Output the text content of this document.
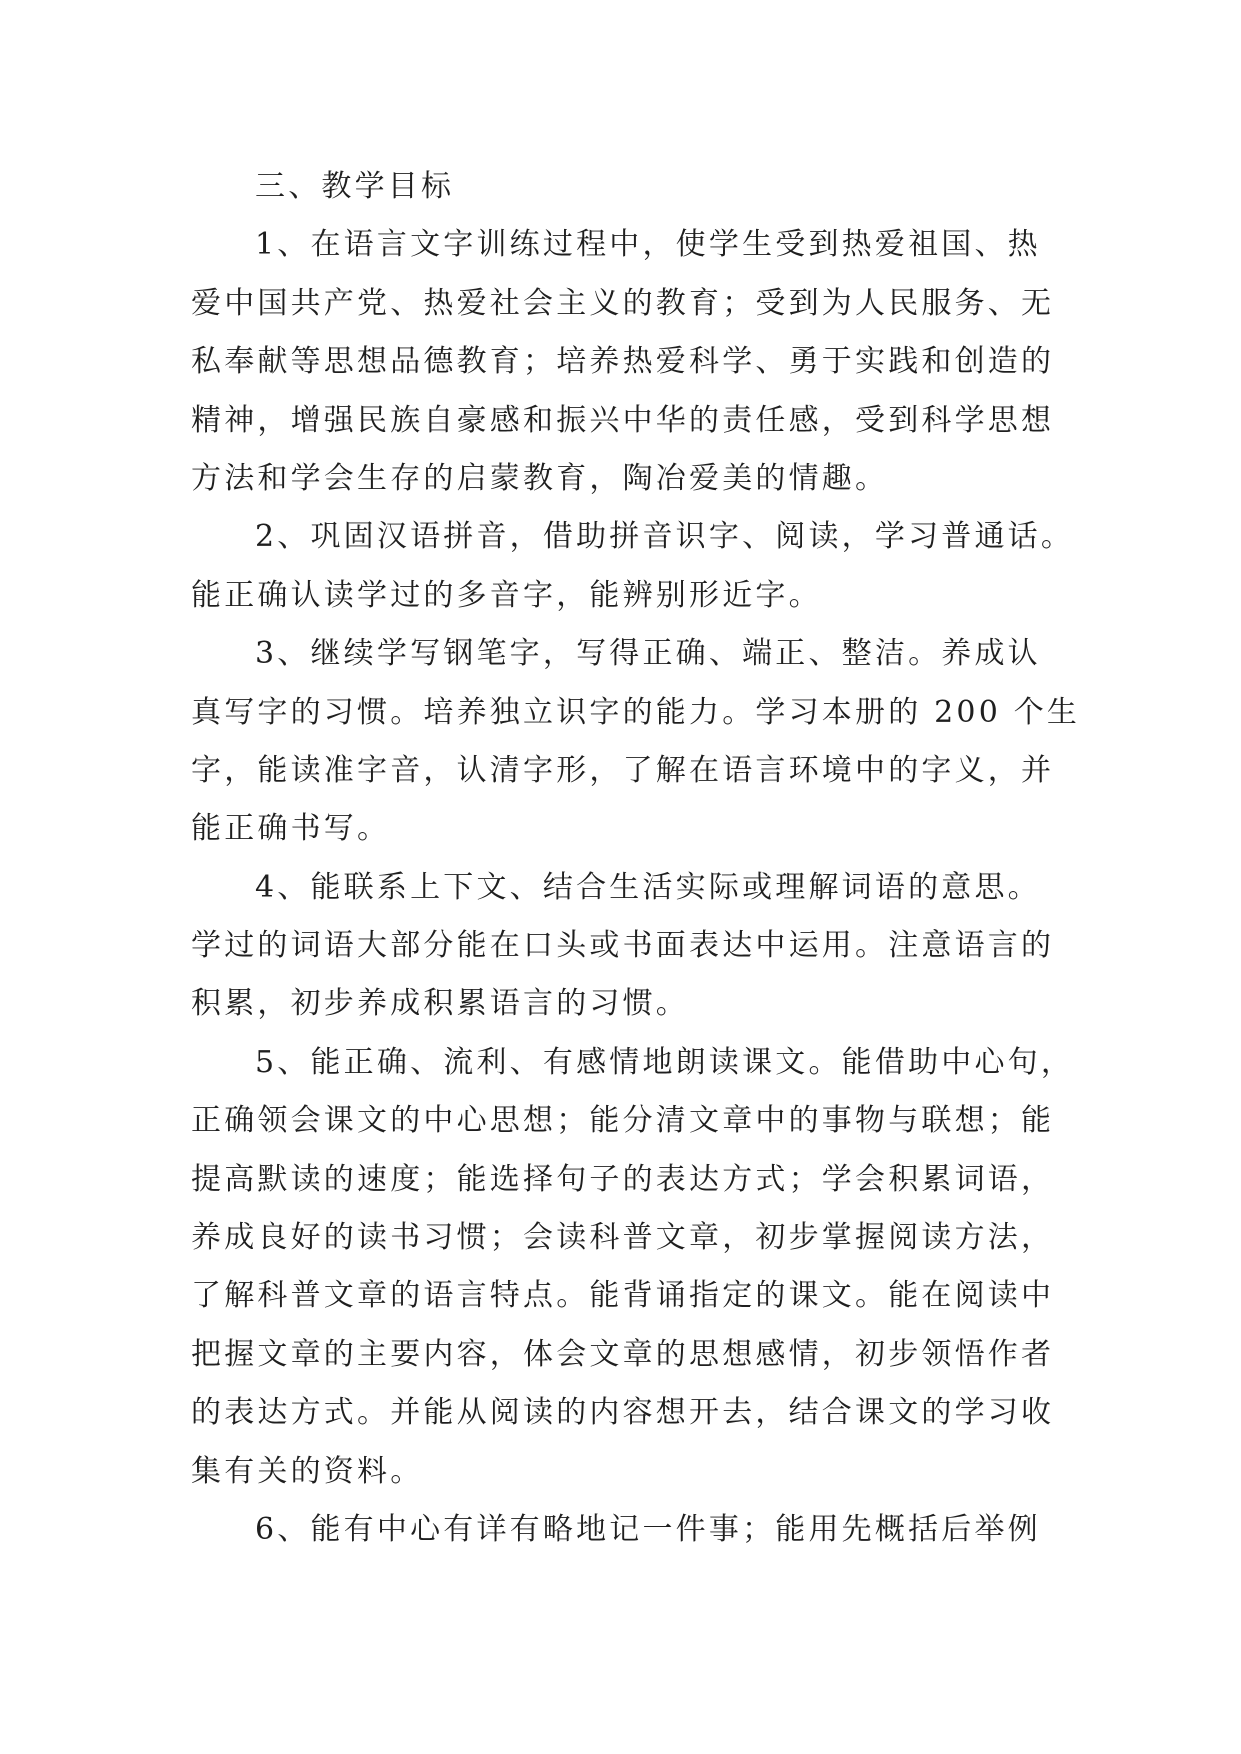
三、教学目标
1、在语言文字训练过程中，使学生受到热爱祖国、热
爱中国共产党、热爱社会主义的教育；受到为人民服务、无
私奉献等思想品德教育；培养热爱科学、勇于实践和创造的
精神，增强民族自豪感和振兴中华的责任感，受到科学思想
方法和学会生存的启蒙教育，陶冶爱美的情趣。
2、巩固汉语拼音，借助拼音识字、阅读，学习普通话。
能正确认读学过的多音字，能辨别形近字。
3、继续学写钢笔字，写得正确、端正、整洁。养成认
真写字的习惯。培养独立识字的能力。学习本册的 200 个生
字，能读准字音，认清字形，了解在语言环境中的字义，并
能正确书写。
4、能联系上下文、结合生活实际或理解词语的意思。
学过的词语大部分能在口头或书面表达中运用。注意语言的
积累，初步养成积累语言的习惯。
5、能正确、流利、有感情地朗读课文。能借助中心句，
正确领会课文的中心思想；能分清文章中的事物与联想；能
提高默读的速度；能选择句子的表达方式；学会积累词语，
养成良好的读书习惯；会读科普文章，初步掌握阅读方法，
了解科普文章的语言特点。能背诵指定的课文。能在阅读中
把握文章的主要内容，体会文章的思想感情，初步领悟作者
的表达方式。并能从阅读的内容想开去，结合课文的学习收
集有关的资料。
6、能有中心有详有略地记一件事；能用先概括后举例
